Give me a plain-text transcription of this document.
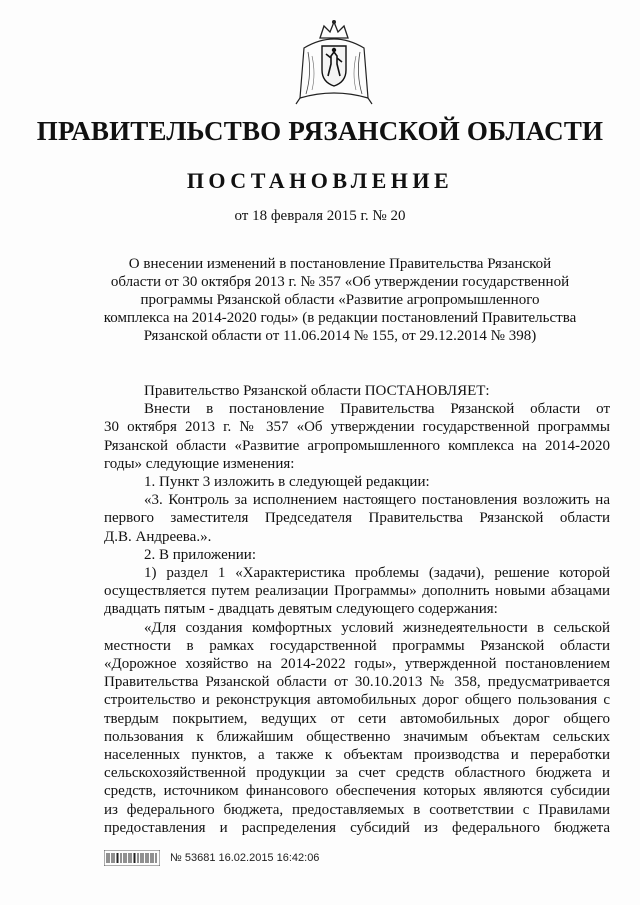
ПРАВИТЕЛЬСТВО РЯЗАНСКОЙ ОБЛАСТИ
ПОСТАНОВЛЕНИЕ
от 18 февраля 2015 г. № 20
О внесении изменений в постановление Правительства Рязанской
области от 30 октября 2013 г. № 357 «Об утверждении государственной
программы Рязанской области «Развитие агропромышленного
комплекса на 2014-2020 годы» (в редакции постановлений Правительства
Рязанской области от 11.06.2014 № 155, от 29.12.2014 № 398)
Правительство Рязанской области ПОСТАНОВЛЯЕТ:
Внести в постановление Правительства Рязанской области от
30 октября 2013 г. № 357 «Об утверждении государственной программы
Рязанской области «Развитие агропромышленного комплекса на 2014-2020
годы» следующие изменения:
1. Пункт 3 изложить в следующей редакции:
«3. Контроль за исполнением настоящего постановления возложить на
первого заместителя Председателя Правительства Рязанской области
Д.В. Андреева.».
2. В приложении:
1) раздел 1 «Характеристика проблемы (задачи), решение которой
осуществляется путем реализации Программы» дополнить новыми абзацами
двадцать пятым - двадцать девятым следующего содержания:
«Для создания комфортных условий жизнедеятельности в сельской
местности в рамках государственной программы Рязанской области
«Дорожное хозяйство на 2014-2022 годы», утвержденной постановлением
Правительства Рязанской области от 30.10.2013 № 358, предусматривается
строительство и реконструкция автомобильных дорог общего пользования с
твердым покрытием, ведущих от сети автомобильных дорог общего
пользования к ближайшим общественно значимым объектам сельских
населенных пунктов, а также к объектам производства и переработки
сельскохозяйственной продукции за счет средств областного бюджета и
средств, источником финансового обеспечения которых являются субсидии
из федерального бюджета, предоставляемых в соответствии с Правилами
предоставления и распределения субсидий из федерального бюджета
№ 53681 16.02.2015 16:42:06
